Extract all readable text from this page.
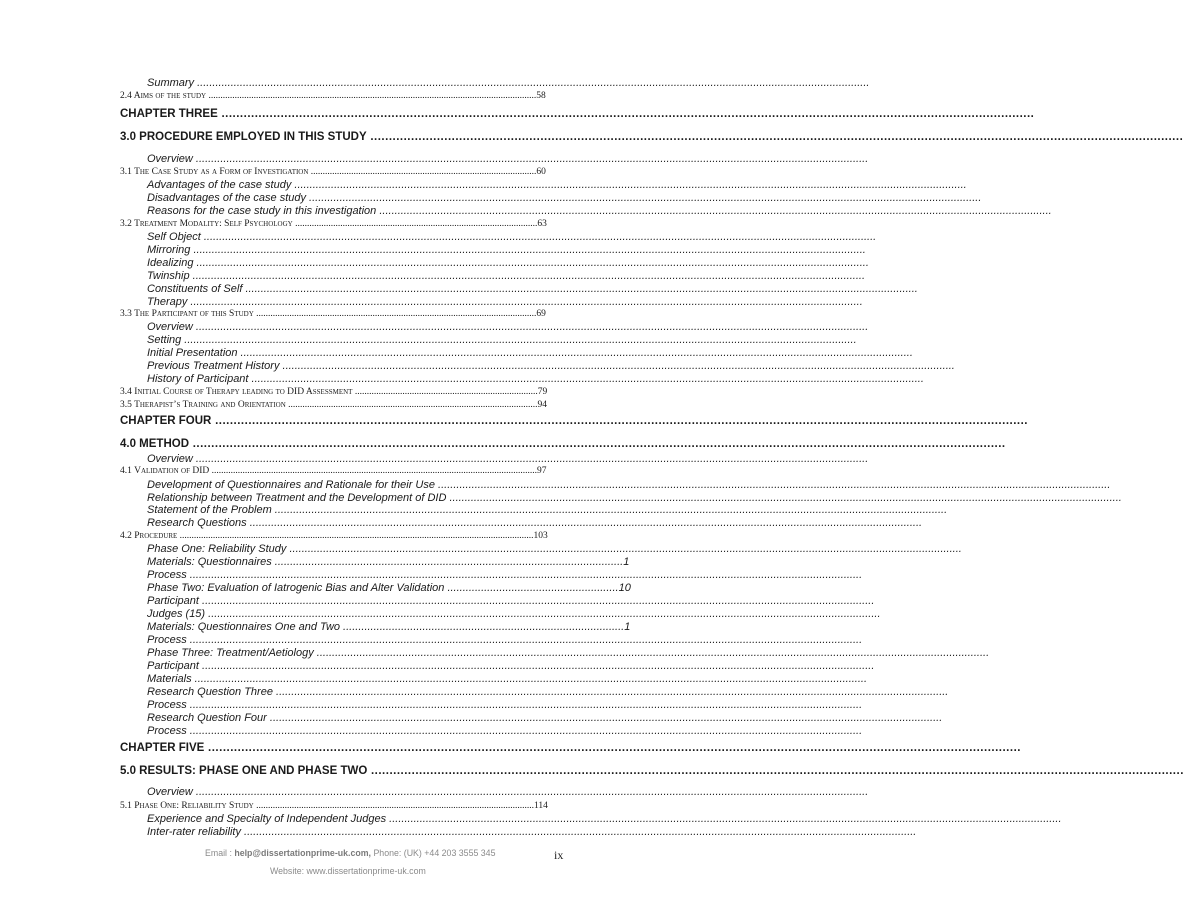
Summary ............................................................................................................................................................................................................................
2.4 Aims of the study ..........................................................................................................................................58
CHAPTER THREE ............................................................................................................................................................................................................................
3.0 PROCEDURE EMPLOYED IN THIS STUDY ............................................................................................................................................................................................................................
Overview ............................................................................................................................................................................................................................
3.1 The Case Study as a Form of Investigation ...............................................................................................60
Advantages of the case study ............................................................................................................................................................................................................................
Disadvantages of the case study ............................................................................................................................................................................................................................
Reasons for the case study in this investigation ............................................................................................................................................................................................................................
3.2 Treatment Modality: Self Psychology ......................................................................................................63
Self Object ............................................................................................................................................................................................................................
Mirroring ............................................................................................................................................................................................................................
Idealizing ............................................................................................................................................................................................................................
Twinship ............................................................................................................................................................................................................................
Constituents of Self ............................................................................................................................................................................................................................
Therapy ............................................................................................................................................................................................................................
3.3 The Participant of this Study ......................................................................................................................69
Overview ............................................................................................................................................................................................................................
Setting ............................................................................................................................................................................................................................
Initial Presentation ............................................................................................................................................................................................................................
Previous Treatment History ............................................................................................................................................................................................................................
History of Participant ............................................................................................................................................................................................................................
3.4 Initial Course of Therapy leading to DID Assessment .............................................................................79
3.5 Therapist’s Training and Orientation .........................................................................................................94
CHAPTER FOUR ............................................................................................................................................................................................................................
4.0 METHOD ............................................................................................................................................................................................................................
Overview ............................................................................................................................................................................................................................
4.1 Validation of DID .........................................................................................................................................97
Development of Questionnaires and Rationale for their Use ............................................................................................................................................................................................................................
Relationship between Treatment and the Development of DID ............................................................................................................................................................................................................................
Statement of the Problem ............................................................................................................................................................................................................................
Research Questions ............................................................................................................................................................................................................................
4.2 Procedure .....................................................................................................................................................103
Phase One: Reliability Study ............................................................................................................................................................................................................................
Materials: Questionnaires ..................................................................................................................1
Process ............................................................................................................................................................................................................................
Phase Two: Evaluation of Iatrogenic Bias and Alter Validation ........................................................10
Participant ............................................................................................................................................................................................................................
Judges (15) ............................................................................................................................................................................................................................
Materials: Questionnaires One and Two ............................................................................................1
Process ............................................................................................................................................................................................................................
Phase Three: Treatment/Aetiology ............................................................................................................................................................................................................................
Participant ............................................................................................................................................................................................................................
Materials ............................................................................................................................................................................................................................
Research Question Three ............................................................................................................................................................................................................................
Process ............................................................................................................................................................................................................................
Research Question Four ............................................................................................................................................................................................................................
Process ............................................................................................................................................................................................................................
CHAPTER FIVE ............................................................................................................................................................................................................................
5.0 RESULTS: PHASE ONE AND PHASE TWO ............................................................................................................................................................................................................................
Overview ............................................................................................................................................................................................................................
5.1 Phase One: Reliability Study .....................................................................................................................114
Experience and Specialty of Independent Judges ............................................................................................................................................................................................................................
Inter-rater reliability ............................................................................................................................................................................................................................
Email : help@dissertationprime-uk.com, Phone: (UK) +44 203 3555 345
Website: www.dissertationprime-uk.com
ix
